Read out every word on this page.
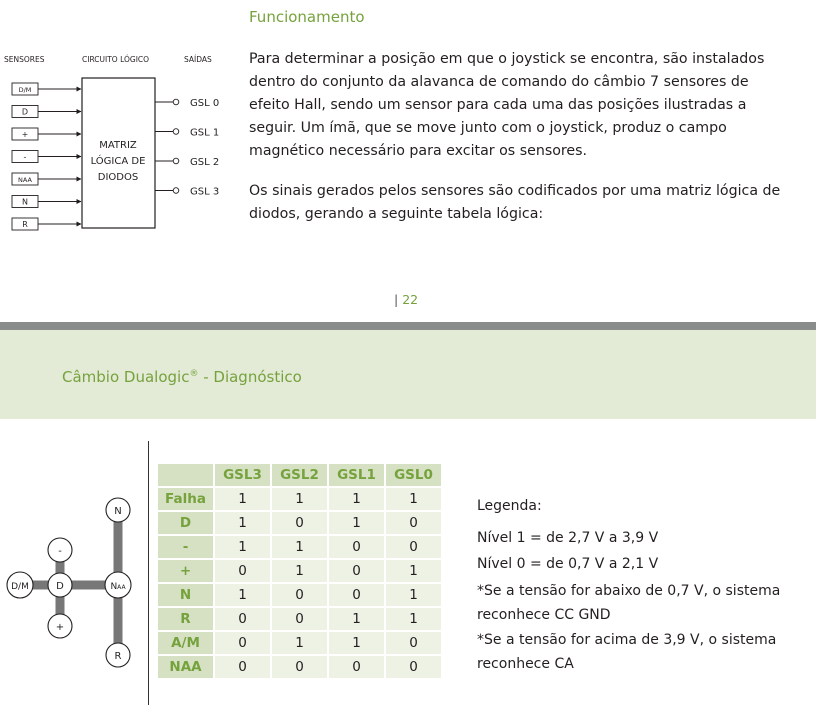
SENSORES	CIRCUITO LÓGICO	SAÍDAS
MATRIZ
LÓGICA DE
DIODOS
D/M
D
+
-
NAA
N
R
GSL 0
GSL 1
GSL 2
GSL 3
Funcionamento
Para determinar a posição em que o joystick se encontra, são instalados dentro do conjunto da alavanca de comando do câmbio 7 sensores de efeito Hall, sendo um sensor para cada uma das posições ilustradas a seguir. Um ímã, que se move junto com o joystick, produz o campo magnético necessário para excitar os sensores.
Os sinais gerados pelos sensores são codificados por uma matriz lógica de diodos, gerando a seguinte tabela lógica:
| 22
Câmbio Dualogic® - Diagnóstico
N
-
D/M	D	NAA
+
R
	GSL3	GSL2	GSL1	GSL0
Falha	1	1	1	1
D	1	0	1	0
-	1	1	0	0
+	0	1	0	1
N	1	0	0	1
R	0	0	1	1
A/M	0	1	1	0
NAA	0	0	0	0
Legenda:
Nível 1 = de 2,7 V a 3,9 V
Nível 0 = de 0,7 V a 2,1 V
*Se a tensão for abaixo de 0,7 V, o sistema reconhece CC GND
*Se a tensão for acima de 3,9 V, o sistema reconhece CA
